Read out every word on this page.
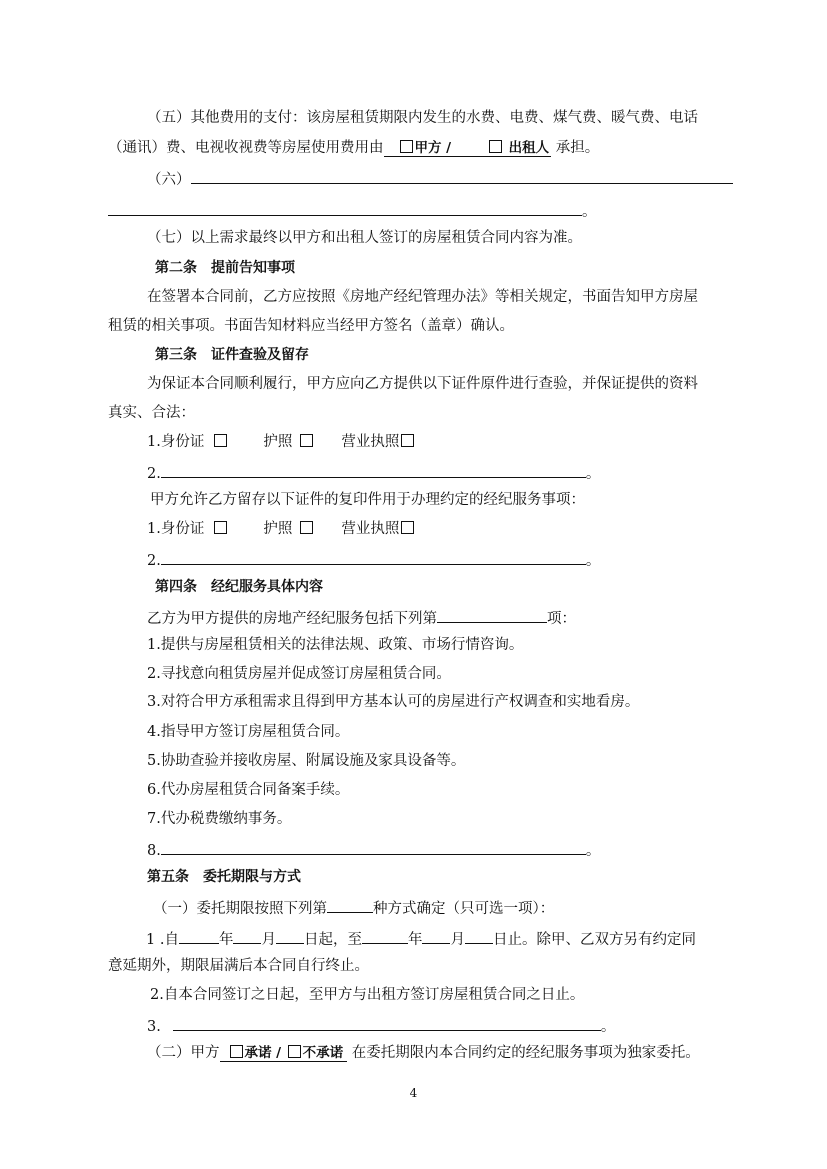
（五）其他费用的支付：该房屋租赁期限内发生的水费、电费、煤气费、暖气费、电话
（通讯）费、电视收视费等房屋使用费用由 甲方 /	出租人 承担。
（六）
。
（七）以上需求最终以甲方和出租人签订的房屋租赁合同内容为准。
第二条　提前告知事项
在签署本合同前，乙方应按照《房地产经纪管理办法》等相关规定，书面告知甲方房屋
租赁的相关事项。书面告知材料应当经甲方签名（盖章）确认。
第三条　证件查验及留存
为保证本合同顺利履行，甲方应向乙方提供以下证件原件进行查验，并保证提供的资料
真实、合法：
1.身份证	护照	营业执照
2.	。
甲方允许乙方留存以下证件的复印件用于办理约定的经纪服务事项：
1.身份证	护照	营业执照
2.	。
第四条　经纪服务具体内容
乙方为甲方提供的房地产经纪服务包括下列第	项：
1.提供与房屋租赁相关的法律法规、政策、市场行情咨询。
2.寻找意向租赁房屋并促成签订房屋租赁合同。
3.对符合甲方承租需求且得到甲方基本认可的房屋进行产权调查和实地看房。
4.指导甲方签订房屋租赁合同。
5.协助查验并接收房屋、附属设施及家具设备等。
6.代办房屋租赁合同备案手续。
7.代办税费缴纳事务。
8.	。
第五条　委托期限与方式
（一）委托期限按照下列第	种方式确定（只可选一项）：
1 .自	年 月 日起，至	年 月 日止。除甲、乙双方另有约定同
意延期外，期限届满后本合同自行终止。
2.自本合同签订之日起，至甲方与出租方签订房屋租赁合同之日止。
3.	。
（二）甲方 承诺 / 不承诺 在委托期限内本合同约定的经纪服务事项为独家委托。
4
